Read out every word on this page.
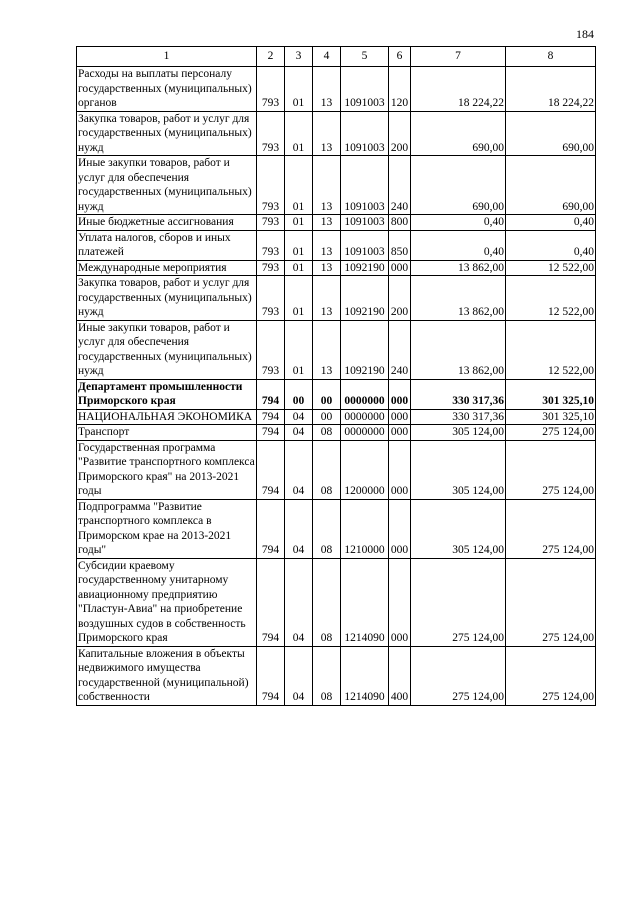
184
1	2	3	4	5	6	7	8
Расходы на выплаты персоналу государственных (муниципальных) органов	793	01	13	1091003	120	18 224,22	18 224,22
Закупка товаров, работ и услуг для государственных (муниципальных) нужд	793	01	13	1091003	200	690,00	690,00
Иные закупки товаров, работ и услуг для обеспечения государственных (муниципальных) нужд	793	01	13	1091003	240	690,00	690,00
Иные бюджетные ассигнования	793	01	13	1091003	800	0,40	0,40
Уплата налогов, сборов и иных платежей	793	01	13	1091003	850	0,40	0,40
Международные мероприятия	793	01	13	1092190	000	13 862,00	12 522,00
Закупка товаров, работ и услуг для государственных (муниципальных) нужд	793	01	13	1092190	200	13 862,00	12 522,00
Иные закупки товаров, работ и услуг для обеспечения государственных (муниципальных) нужд	793	01	13	1092190	240	13 862,00	12 522,00
Департамент промышленности Приморского края	794	00	00	0000000	000	330 317,36	301 325,10
НАЦИОНАЛЬНАЯ ЭКОНОМИКА	794	04	00	0000000	000	330 317,36	301 325,10
Транспорт	794	04	08	0000000	000	305 124,00	275 124,00
Государственная программа "Развитие транспортного комплекса Приморского края" на 2013-2021 годы	794	04	08	1200000	000	305 124,00	275 124,00
Подпрограмма "Развитие транспортного комплекса в Приморском крае на 2013-2021 годы"	794	04	08	1210000	000	305 124,00	275 124,00
Субсидии краевому государственному унитарному авиационному предприятию "Пластун-Авиа" на приобретение воздушных судов в собственность Приморского края	794	04	08	1214090	000	275 124,00	275 124,00
Капитальные вложения в объекты недвижимого имущества государственной (муниципальной) собственности	794	04	08	1214090	400	275 124,00	275 124,00
